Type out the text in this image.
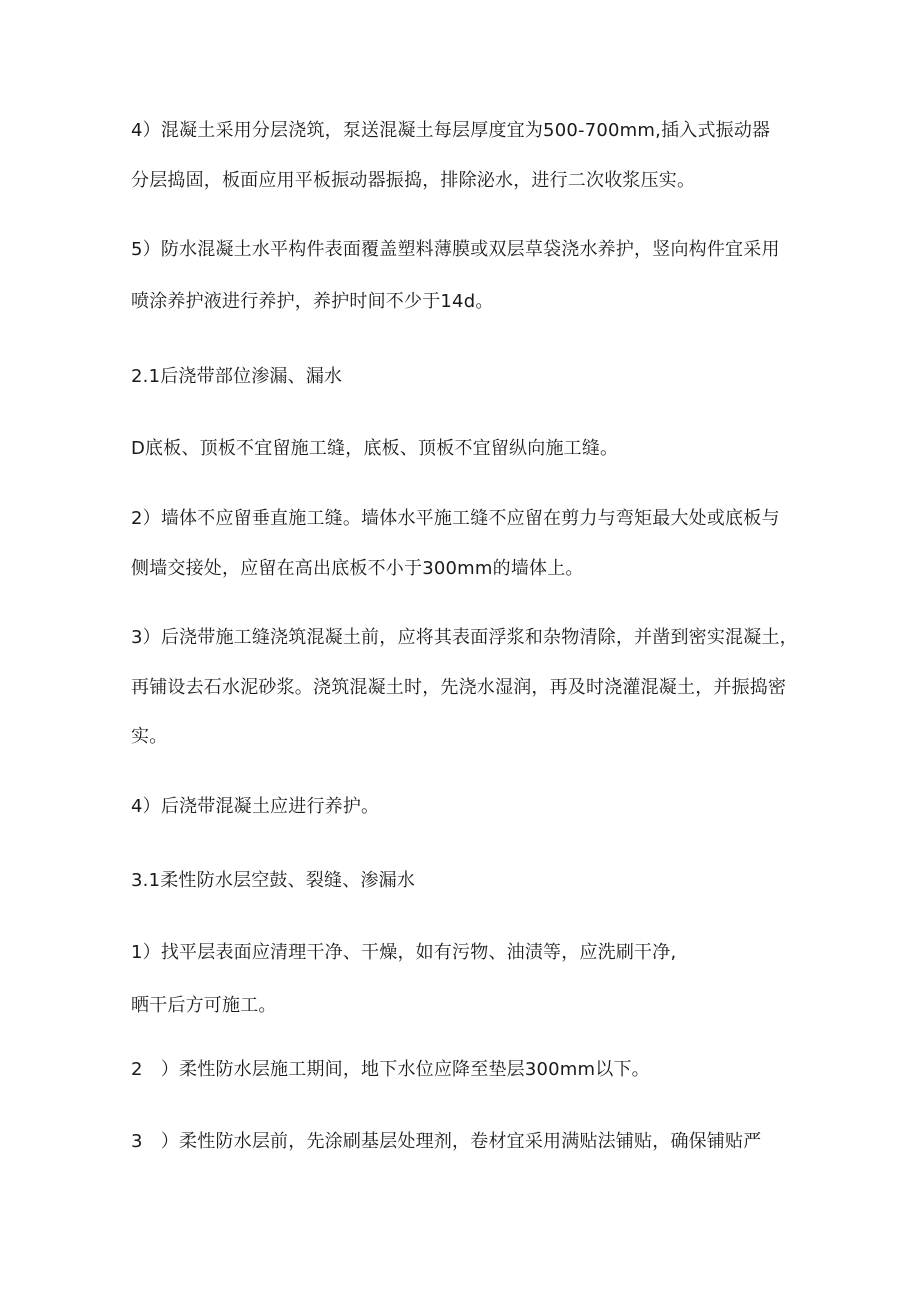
4）混凝土采用分层浇筑，泵送混凝土每层厚度宜为500-700mm,插入式振动器
分层捣固，板面应用平板振动器振捣，排除泌水，进行二次收浆压实。
5）防水混凝土水平构件表面覆盖塑料薄膜或双层草袋浇水养护，竖向构件宜采用
喷涂养护液进行养护，养护时间不少于14d。
2.1后浇带部位渗漏、漏水
D底板、顶板不宜留施工缝，底板、顶板不宜留纵向施工缝。
2）墙体不应留垂直施工缝。墙体水平施工缝不应留在剪力与弯矩最大处或底板与
侧墙交接处，应留在高出底板不小于300mm的墙体上。
3）后浇带施工缝浇筑混凝土前，应将其表面浮浆和杂物清除，并凿到密实混凝土，
再铺设去石水泥砂浆。浇筑混凝土时，先浇水湿润，再及时浇灌混凝土，并振捣密
实。
4）后浇带混凝土应进行养护。
3.1柔性防水层空鼓、裂缝、渗漏水
1）找平层表面应清理干净、干燥，如有污物、油渍等，应洗刷干净,
晒干后方可施工。
2　）柔性防水层施工期间，地下水位应降至垫层300mm以下。
3　）柔性防水层前，先涂刷基层处理剂，卷材宜采用满贴法铺贴，确保铺贴严
